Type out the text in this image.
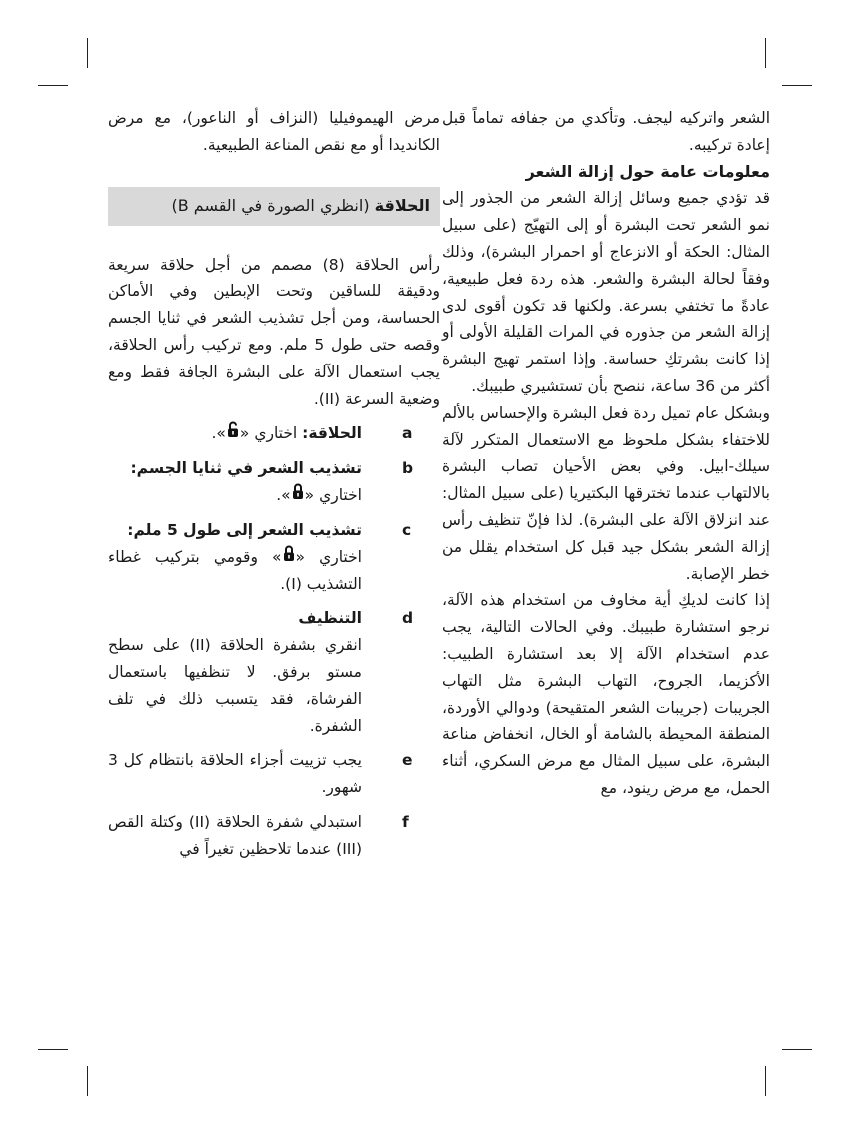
الشعر واتركيه ليجف. وتأكدي من جفافه تماماً قبل إعادة تركيبه.

معلومات عامة حول إزالة الشعر

قد تؤدي جميع وسائل إزالة الشعر من الجذور إلى نمو الشعر تحت البشرة أو إلى التهيّج (على سبيل المثال: الحكة أو الانزعاج أو احمرار البشرة)، وذلك وفقاً لحالة البشرة والشعر. هذه ردة فعل طبيعية، عادةً ما تختفي بسرعة. ولكنها قد تكون أقوى لدى إزالة الشعر من جذوره في المرات القليلة الأولى أو إذا كانت بشرتكِ حساسة. وإذا استمر تهيج البشرة أكثر من 36 ساعة، ننصح بأن تستشيري طبيبك.

وبشكل عام تميل ردة فعل البشرة والإحساس بالألم للاختفاء بشكل ملحوظ مع الاستعمال المتكرر لآلة سيلك-ابيل. وفي بعض الأحيان تصاب البشرة بالالتهاب عندما تخترقها البكتيريا (على سبيل المثال: عند انزلاق الآلة على البشرة). لذا فإنّ تنظيف رأس إزالة الشعر بشكل جيد قبل كل استخدام يقلل من خطر الإصابة.

إذا كانت لديكِ أية مخاوف من استخدام هذه الآلة، نرجو استشارة طبيبك. وفي الحالات التالية، يجب عدم استخدام الآلة إلا بعد استشارة الطبيب: الأكزيما، الجروح، التهاب البشرة مثل التهاب الجريبات (جريبات الشعر المتقيحة) ودوالي الأوردة، المنطقة المحيطة بالشامة أو الخال، انخفاض مناعة البشرة، على سبيل المثال مع مرض السكري، أثناء الحمل، مع مرض رينود، مع

مرض الهيموفيليا (النزاف أو الناعور)، مع مرض الكانديدا أو مع نقص المناعة الطبيعية.

الحلاقة (انظري الصورة في القسم B)

رأس الحلاقة (8) مصمم من أجل حلاقة سريعة ودقيقة للساقين وتحت الإبطين وفي الأماكن الحساسة، ومن أجل تشذيب الشعر في ثنايا الجسم وقصه حتى طول 5 ملم. ومع تركيب رأس الحلاقة، يجب استعمال الآلة على البشرة الجافة فقط ومع وضعية السرعة (II).

a
الحلاقة: اختاري «».
b
تشذيب الشعر في ثنايا الجسم:
اختاري «».
c
تشذيب الشعر إلى طول 5 ملم:
اختاري «» وقومي بتركيب غطاء التشذيب (I).
d
التنظيف
انقري بشفرة الحلاقة (II) على سطح مستو برفق. لا تنظفيها باستعمال الفرشاة، فقد يتسبب ذلك في تلف الشفرة.
e
يجب تزييت أجزاء الحلاقة بانتظام كل 3 شهور.
f
استبدلي شفرة الحلاقة (II) وكتلة القص (III) عندما تلاحظين تغيراً في
